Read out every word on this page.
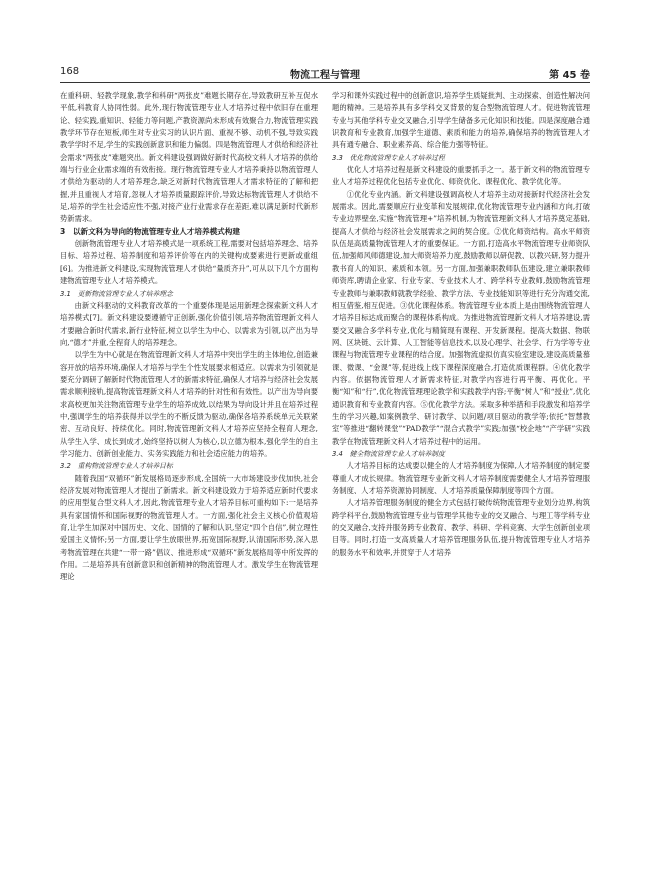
168	物流工程与管理	第 45 卷

在重科研、轻教学现象,教学和科研“两张皮”难题长期存在,导致教研互补互促水平低,科教育人协同性弱。此外,现行物流管理专业人才培养过程中依旧存在重理论、轻实践,重知识、轻能力等问题,产教资源尚未形成有效聚合力,物流管理实践教学环节存在短板,师生对专业实习的认识片面、重视不够、动机不强,导致实践教学学时不足,学生的实践创新意识和能力偏弱。四是物流管理人才供给和经济社会需求“两张皮”难题突出。新文科建设强调做好新时代高校文科人才培养的供给端与行业企业需求端的有效衔接。现行物流管理专业人才培养秉持以物流管理人才供给为驱动的人才培养理念,缺乏对新时代物流管理人才需求特征的了解和把握,并且重视人才培育,忽视人才培养质量跟踪评价,导致达标物流管理人才供给不足,培养的学生社会适应性不强,对接产业行业需求存在差距,难以满足新时代新形势新需求。

3　以新文科为导向的物流管理专业人才培养模式构建

创新物流管理专业人才培养模式是一项系统工程,需要对包括培养理念、培养目标、培养过程、培养制度和培养评价等在内的关键构成要素进行更新或重组[6]。为推进新文科建设,实现物流管理人才供给“量质齐升”,可从以下几个方面构建物流管理专业人才培养模式。

3.1　更新物流管理专业人才培养理念

由新文科驱动的文科教育改革的一个重要体现是运用新理念探索新文科人才培养模式[7]。新文科建设要遵循守正创新,强化价值引领,培养物流管理新文科人才要融合新时代需求,新行业特征,树立以学生为中心、以需求为引领,以产出为导向,“德才”并重,全程育人的培养理念。

以学生为中心就是在物流管理新文科人才培养中突出学生的主体地位,创造兼容开放的培养环境,确保人才培养与学生个性发展要求相适应。以需求为引领就是要充分调研了解新时代物流管理人才的新需求特征,确保人才培养与经济社会发展需求顺利接轨,提高物流管理新文科人才培养的针对性和有效性。以产出为导向要求高校更加关注物流管理专业学生的培养成效,以结果为导向设计并且在培养过程中,强调学生的培养获得并以学生的不断反馈为驱动,确保各培养系统单元关联紧密、互动良好、持续优化。同时,物流管理新文科人才培养应坚持全程育人理念,从学生入学、成长到成才,始终坚持以树人为核心,以立德为根本,强化学生的自主学习能力、创新创业能力、实务实践能力和社会适应能力的培养。

3.2　重构物流管理专业人才培养目标

随着我国“双循环”新发展格局逐步形成,全国统一大市场建设步伐加快,社会经济发展对物流管理人才提出了新需求。新文科建设致力于培养适应新时代要求的应用型复合型文科人才,因此,物流管理专业人才培养目标可重构如下:一是培养具有家国情怀和国际视野的物流管理人才。一方面,强化社会主义核心价值观培育,让学生加深对中国历史、文化、国情的了解和认识,坚定“四个自信”,树立理性爱国主义情怀;另一方面,要让学生放眼世界,拓宽国际视野,认清国际形势,深入思考物流管理在共建“一带一路”倡议、推进形成“双循环”新发展格局等中所发挥的作用。二是培养具有创新意识和创新精神的物流管理人才。激发学生在物流管理理论

学习和课外实践过程中的创新意识,培养学生质疑批判、主动探索、创造性解决问题的精神。三是培养具有多学科交叉背景的复合型物流管理人才。促进物流管理专业与其他学科专业交叉融合,引导学生储备多元化知识和技能。四是深度融合通识教育和专业教育,加强学生道德、素质和能力的培养,确保培养的物流管理人才具有通专融合、职业素养高、综合能力强等特征。

3.3　优化物流管理专业人才培养过程

优化人才培养过程是新文科建设的重要抓手之一。基于新文科的物流管理专业人才培养过程优化包括专业优化、师资优化、课程优化、教学优化等。

①优化专业内涵。新文科建设强调高校人才培养主动对接新时代经济社会发展需求。因此,需要顺应行业变革和发展规律,优化物流管理专业内涵和方向,打破专业边界壁垒,实施“物流管理+”培养机制,为物流管理新文科人才培养奠定基础,提高人才供给与经济社会发展需求之间的契合度。②优化师资结构。高水平师资队伍是高质量物流管理人才的重要保证。一方面,打造高水平物流管理专业师资队伍,加强师风师德建设,加大师资培养力度,鼓励教师以研促教、以教兴研,努力提升教书育人的知识、素质和本领。另一方面,加强兼职教师队伍建设,建立兼职教师师资库,聘请企业家、行业专家、专业技术人才、跨学科专业教师,鼓励物流管理专业教师与兼职教师就教学经验、教学方法、专业技能知识等进行充分沟通交流,相互借鉴,相互促进。③优化课程体系。物流管理专业本质上是由围绕物流管理人才培养目标达成而聚合的课程体系构成。为推进物流管理新文科人才培养建设,需要交叉融合多学科专业,优化与精简现有课程、开发新课程。提高大数据、物联网、区块链、云计算、人工智能等信息技术,以及心理学、社会学、行为学等专业课程与物流管理专业课程的结合度。加强物流虚拟仿真实验室建设,建设高质量慕课、微课、“金课”等,促进线上线下课程深度融合,打造优质课程群。④优化教学内容。依据物流管理人才新需求特征,对教学内容进行再平衡、再优化。平衡“知”和“行”,优化物流管理理论教学和实践教学内容;平衡“树人”和“授业”,优化通识教育和专业教育内容。⑤优化教学方法。采取多种举措和手段激发和培养学生的学习兴趣,如案例教学、研讨教学、以问题/项目驱动的教学等;依托“智慧教室”等推进“翻转课堂”“PAD教学”“混合式教学”实践;加强“校企地”“产学研”实践教学在物流管理新文科人才培养过程中的运用。

3.4　健全物流管理专业人才培养制度

人才培养目标的达成要以健全的人才培养制度为保障,人才培养制度的制定要尊重人才成长规律。物流管理专业新文科人才培养制度需要健全人才培养管理服务制度、人才培养资源协同制度、人才培养质量保障制度等四个方面。

人才培养管理服务制度的健全方式包括打破传统物流管理专业划分边界,构筑跨学科平台,鼓励物流管理专业与管理学其他专业的交叉融合、与理工等学科专业的交叉融合,支持并服务跨专业教育、教学、科研、学科竞赛、大学生创新创业项目等。同时,打造一支高质量人才培养管理服务队伍,提升物流管理专业人才培养的服务水平和效率,并贯穿于人才培养
